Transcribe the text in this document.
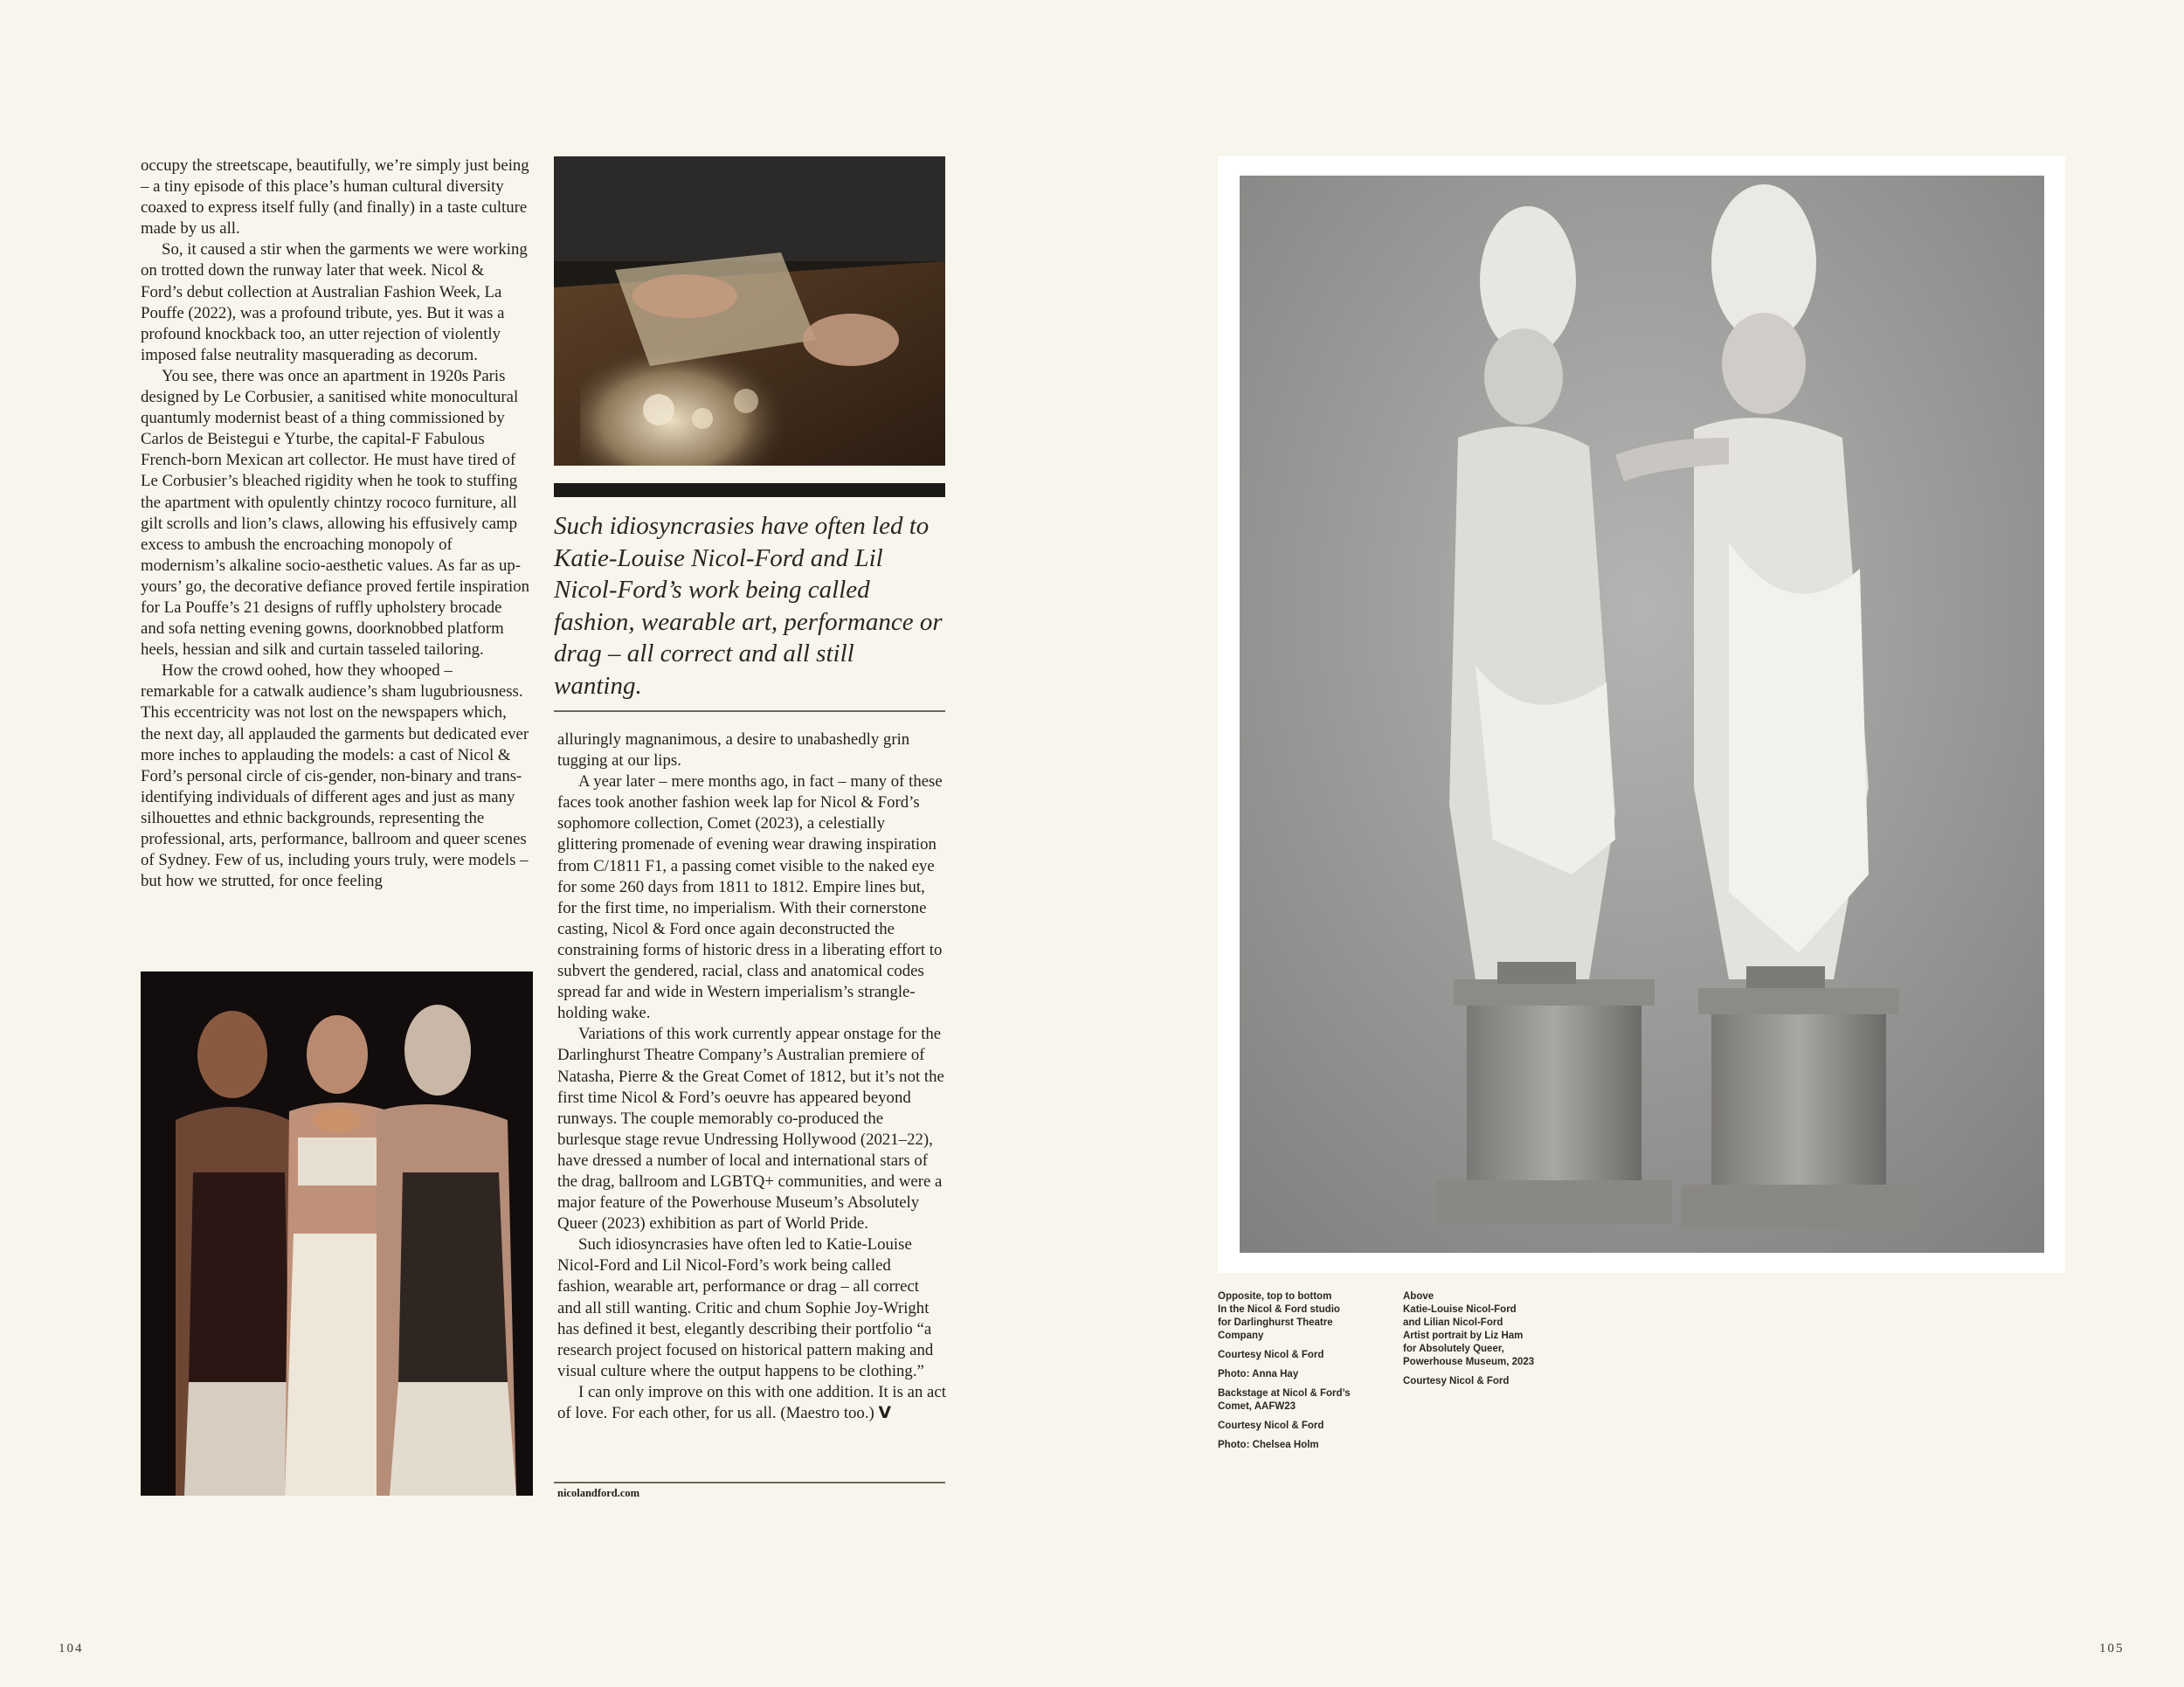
occupy the streetscape, beautifully, we’re simply just being – a tiny episode of this place’s human cultural diversity coaxed to express itself fully (and finally) in a taste culture made by us all.

So, it caused a stir when the garments we were working on trotted down the runway later that week. Nicol & Ford’s debut collection at Australian Fashion Week, La Pouffe (2022), was a profound tribute, yes. But it was a profound knockback too, an utter rejection of violently imposed false neutrality masquerading as decorum.

You see, there was once an apartment in 1920s Paris designed by Le Corbusier, a sanitised white monocultural quantumly modernist beast of a thing commissioned by Carlos de Beistegui e Yturbe, the capital-F Fabulous French-born Mexican art collector. He must have tired of Le Corbusier’s bleached rigidity when he took to stuffing the apartment with opulently chintzy rococo furniture, all gilt scrolls and lion’s claws, allowing his effusively camp excess to ambush the encroaching monopoly of modernism’s alkaline socio-aesthetic values. As far as up-yours’ go, the decorative defiance proved fertile inspiration for La Pouffe’s 21 designs of ruffly upholstery brocade and sofa netting evening gowns, doorknobbed platform heels, hessian and silk and curtain tasseled tailoring.

How the crowd oohed, how they whooped – remarkable for a catwalk audience’s sham lugubriousness. This eccentricity was not lost on the newspapers which, the next day, all applauded the garments but dedicated ever more inches to applauding the models: a cast of Nicol & Ford’s personal circle of cis-gender, non-binary and trans-identifying individuals of different ages and just as many silhouettes and ethnic backgrounds, representing the professional, arts, performance, ballroom and queer scenes of Sydney. Few of us, including yours truly, were models – but how we strutted, for once feeling

Such idiosyncrasies have often led to Katie-Louise Nicol-Ford and Lil Nicol-Ford’s work being called fashion, wearable art, performance or drag – all correct and all still wanting.

alluringly magnanimous, a desire to unabashedly grin tugging at our lips.

A year later – mere months ago, in fact – many of these faces took another fashion week lap for Nicol & Ford’s sophomore collection, Comet (2023), a celestially glittering promenade of evening wear drawing inspiration from C/1811 F1, a passing comet visible to the naked eye for some 260 days from 1811 to 1812. Empire lines but, for the first time, no imperialism. With their cornerstone casting, Nicol & Ford once again deconstructed the constraining forms of historic dress in a liberating effort to subvert the gendered, racial, class and anatomical codes spread far and wide in Western imperialism’s strangle-holding wake.

Variations of this work currently appear onstage for the Darlinghurst Theatre Company’s Australian premiere of Natasha, Pierre & the Great Comet of 1812, but it’s not the first time Nicol & Ford’s oeuvre has appeared beyond runways. The couple memorably co-produced the burlesque stage revue Undressing Hollywood (2021–22), have dressed a number of local and international stars of the drag, ballroom and LGBTQ+ communities, and were a major feature of the Powerhouse Museum’s Absolutely Queer (2023) exhibition as part of World Pride.

Such idiosyncrasies have often led to Katie-Louise Nicol-Ford and Lil Nicol-Ford’s work being called fashion, wearable art, performance or drag – all correct and all still wanting. Critic and chum Sophie Joy-Wright has defined it best, elegantly describing their portfolio “a research project focused on historical pattern making and visual culture where the output happens to be clothing.”

I can only improve on this with one addition. It is an act of love. For each other, for us all. (Maestro too.) V

nicolandford.com
Opposite, top to bottom
In the Nicol & Ford studio
for Darlinghurst Theatre
Company
Courtesy Nicol & Ford
Photo: Anna Hay
Backstage at Nicol & Ford’s
Comet, AAFW23
Courtesy Nicol & Ford
Photo: Chelsea Holm
Above
Katie-Louise Nicol-Ford
and Lilian Nicol-Ford
Artist portrait by Liz Ham
for Absolutely Queer,
Powerhouse Museum, 2023
Courtesy Nicol & Ford
104	105
